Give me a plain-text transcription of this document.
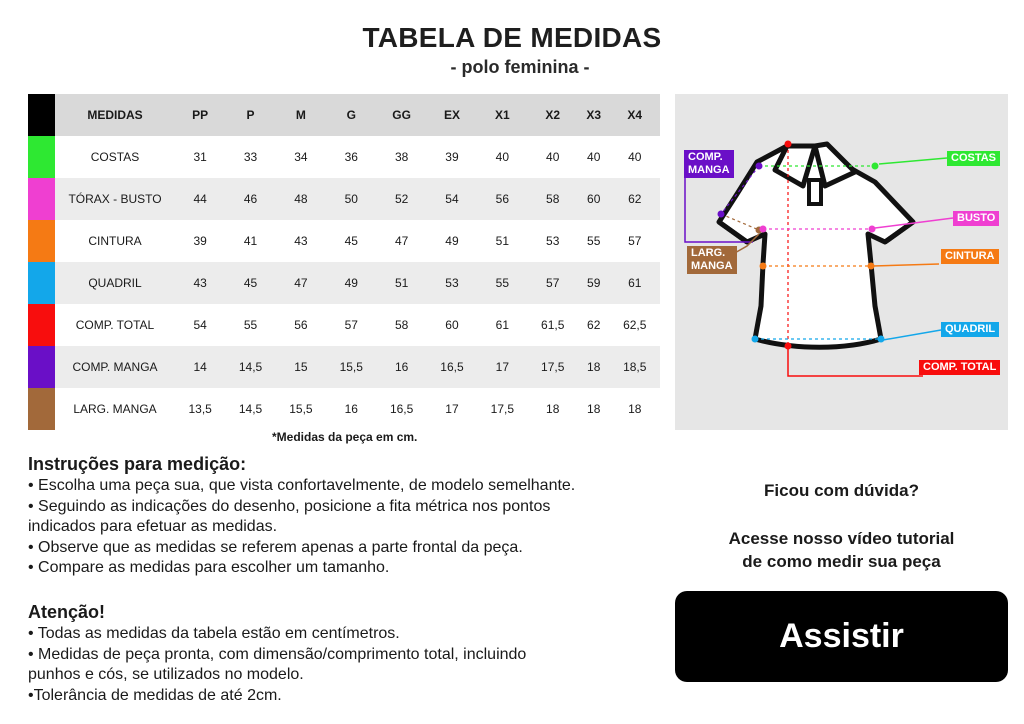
TABELA DE MEDIDAS
- polo feminina -
MEDIDAS	PP	P	M	G	GG	EX	X1	X2	X3	X4
COSTAS	31	33	34	36	38	39	40	40	40	40
TÓRAX - BUSTO	44	46	48	50	52	54	56	58	60	62
CINTURA	39	41	43	45	47	49	51	53	55	57
QUADRIL	43	45	47	49	51	53	55	57	59	61
COMP. TOTAL	54	55	56	57	58	60	61	61,5	62	62,5
COMP. MANGA	14	14,5	15	15,5	16	16,5	17	17,5	18	18,5
LARG. MANGA	13,5	14,5	15,5	16	16,5	17	17,5	18	18	18
*Medidas da peça em cm.
COMP.
MANGA
LARG.
MANGA
COSTAS
BUSTO
CINTURA
QUADRIL
COMP. TOTAL
Instruções para medição:
• Escolha uma peça sua, que vista confortavelmente, de modelo semelhante.
• Seguindo as indicações do desenho, posicione a fita métrica nos pontos
indicados para efetuar as medidas.
• Observe que as medidas se referem apenas a parte frontal da peça.
• Compare as medidas para escolher um tamanho.
Atenção!
• Todas as medidas da tabela estão em centímetros.
• Medidas de peça pronta, com dimensão/comprimento total, incluindo
punhos e cós, se utilizados no modelo.
•Tolerância de medidas de até 2cm.
Ficou com dúvida?
Acesse nosso vídeo tutorial
de como medir sua peça
Assistir
